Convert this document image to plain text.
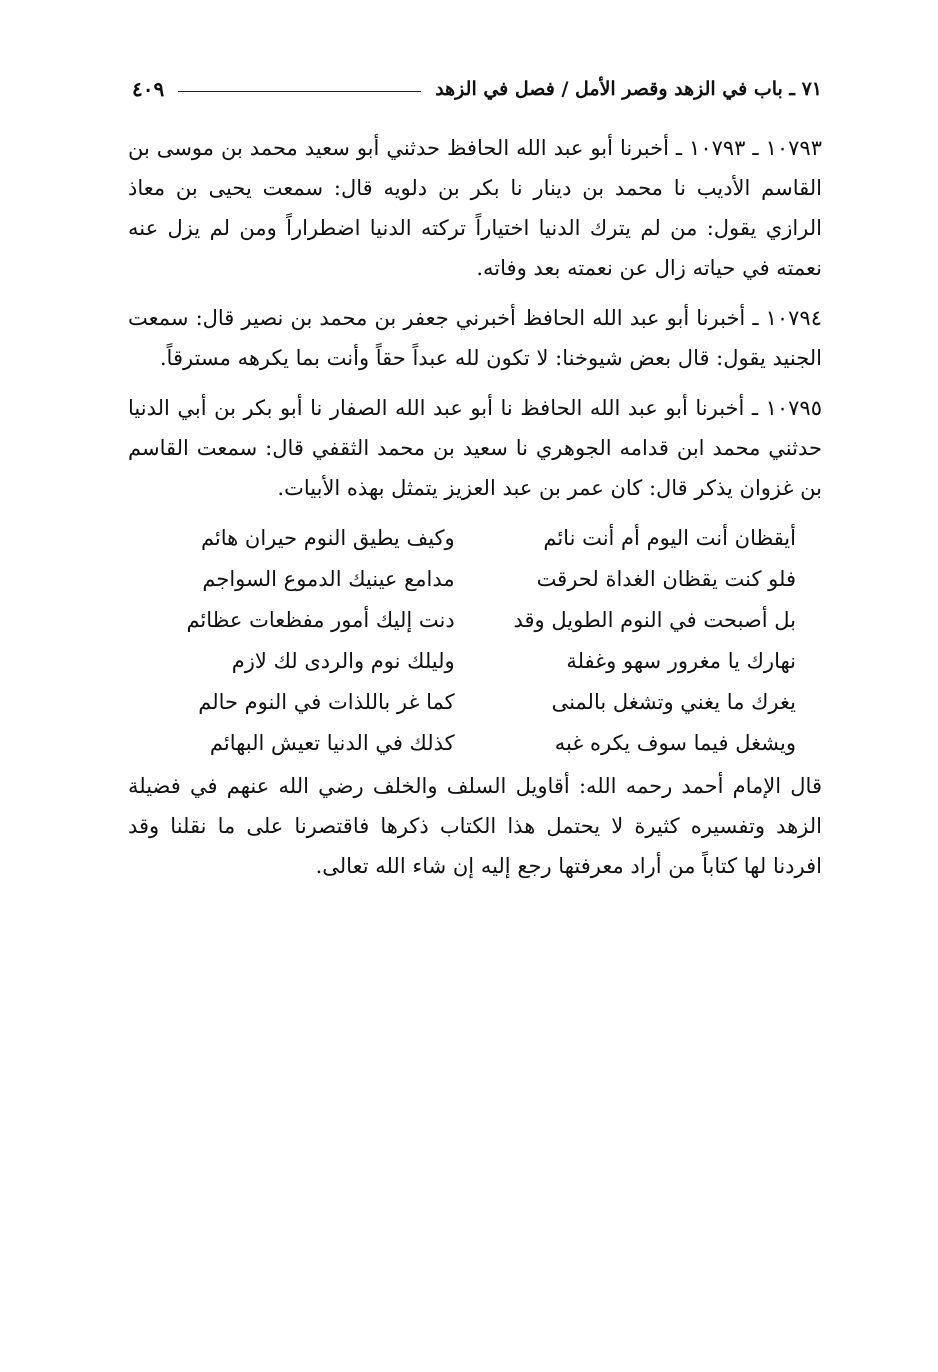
٧١ ـ باب في الزهد وقصر الأمل / فصل في الزهد
٤٠٩

١٠٧٩٣ ـ ١٠٧٩٣ ـ أخبرنا أبو عبد الله الحافظ حدثني أبو سعيد محمد بن موسى بن القاسم الأديب نا محمد بن دينار نا بكر بن دلويه قال: سمعت يحيى بن معاذ الرازي يقول: من لم يترك الدنيا اختياراً تركته الدنيا اضطراراً ومن لم يزل عنه نعمته في حياته زال عن نعمته بعد وفاته.

١٠٧٩٤ ـ أخبرنا أبو عبد الله الحافظ أخبرني جعفر بن محمد بن نصير قال: سمعت الجنيد يقول: قال بعض شيوخنا: لا تكون لله عبداً حقاً وأنت بما يكرهه مسترقاً.

١٠٧٩٥ ـ أخبرنا أبو عبد الله الحافظ نا أبو عبد الله الصفار نا أبو بكر بن أبي الدنيا حدثني محمد ابن قدامه الجوهري نا سعيد بن محمد الثقفي قال: سمعت القاسم بن غزوان يذكر قال: كان عمر بن عبد العزيز يتمثل بهذه الأبيات.

أيقظان أنت اليوم أم أنت نائم
وكيف يطيق النوم حيران هائم
فلو كنت يقظان الغداة لحرقت
مدامع عينيك الدموع السواجم
بل أصبحت في النوم الطويل وقد
دنت إليك أمور مفظعات عظائم
نهارك يا مغرور سهو وغفلة
وليلك نوم والردى لك لازم
يغرك ما يغني وتشغل بالمنى
كما غر باللذات في النوم حالم
ويشغل فيما سوف يكره غبه
كذلك في الدنيا تعيش البهائم

قال الإمام أحمد رحمه الله: أقاويل السلف والخلف رضي الله عنهم في فضيلة الزهد وتفسيره كثيرة لا يحتمل هذا الكتاب ذكرها فاقتصرنا على ما نقلنا وقد افردنا لها كتاباً من أراد معرفتها رجع إليه إن شاء الله تعالى.
